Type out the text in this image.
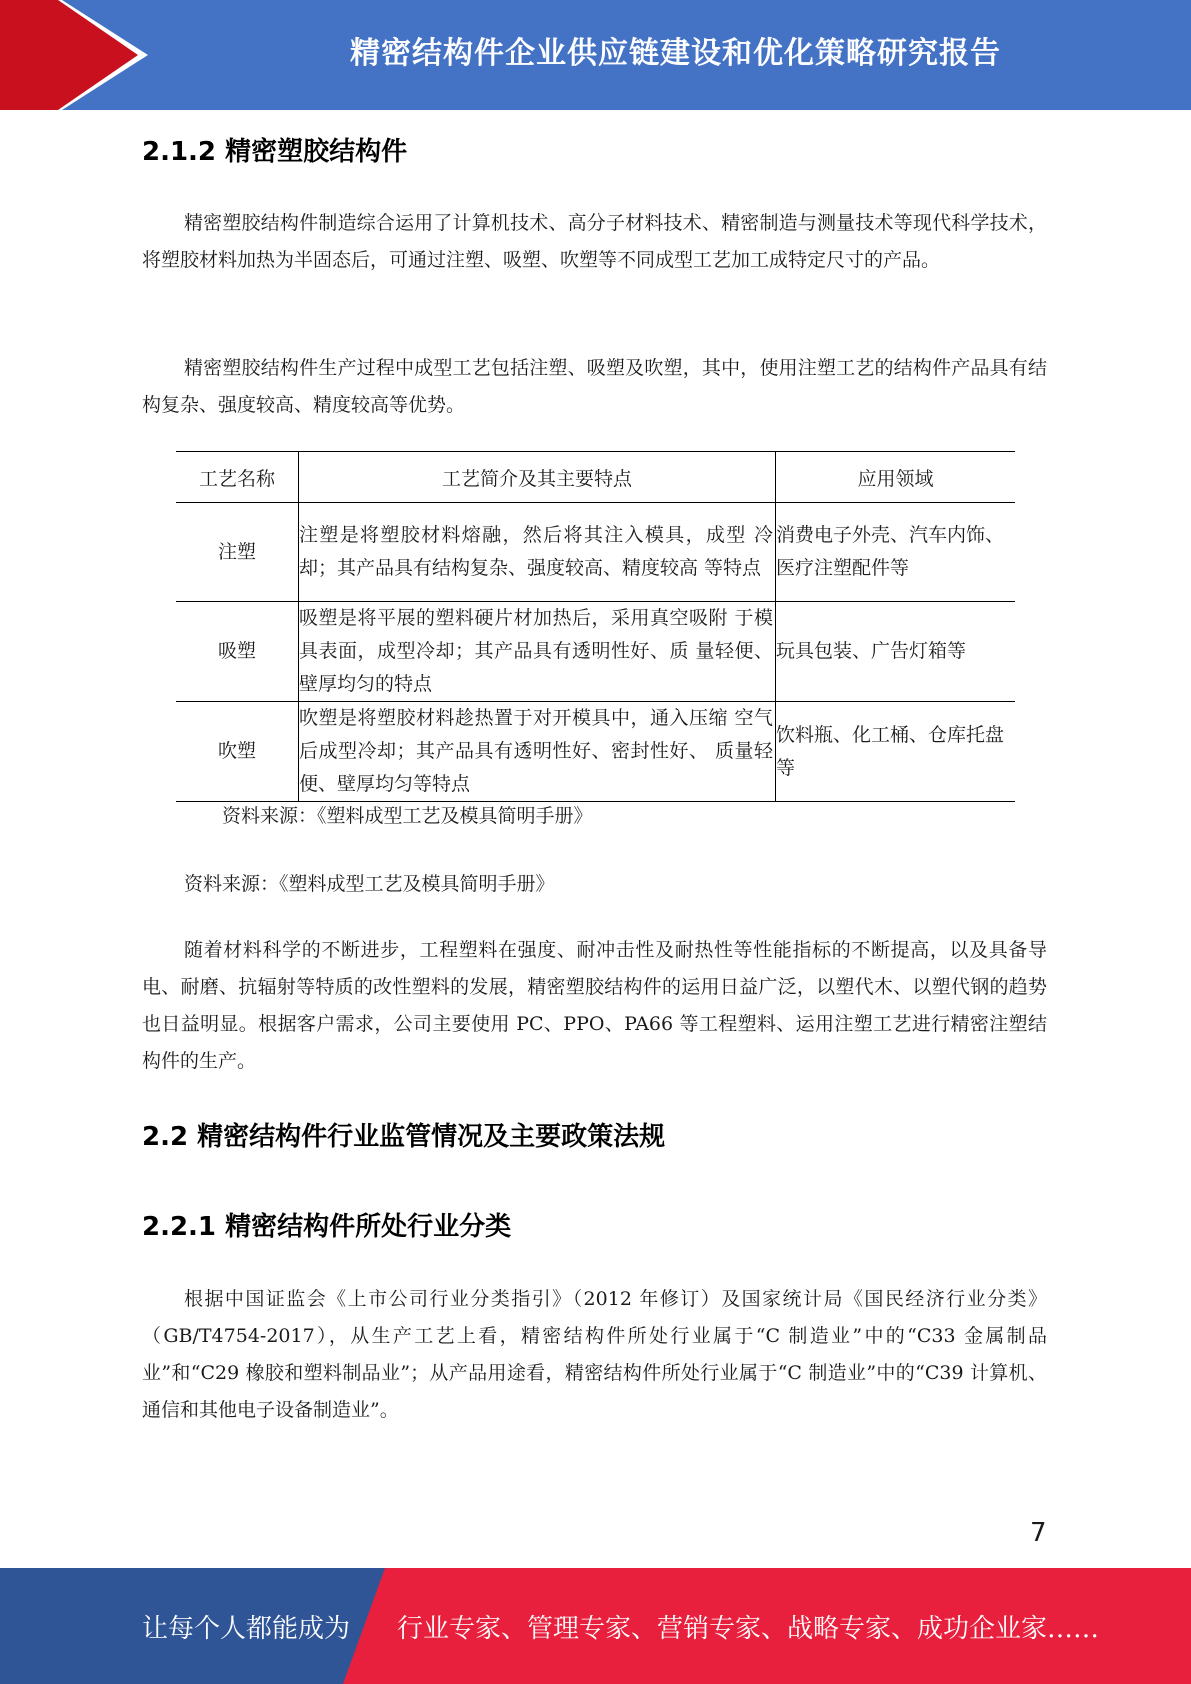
精密结构件企业供应链建设和优化策略研究报告
2.1.2 精密塑胶结构件

精密塑胶结构件制造综合运用了计算机技术、高分子材料技术、精密制造与测量技术等现代科学技术，将塑胶材料加热为半固态后，可通过注塑、吸塑、吹塑等不同成型工艺加工成特定尺寸的产品。

精密塑胶结构件生产过程中成型工艺包括注塑、吸塑及吹塑，其中，使用注塑工艺的结构件产品具有结构复杂、强度较高、精度较高等优势。

工艺名称	工艺简介及其主要特点	应用领域
注塑	注塑是将塑胶材料熔融，然后将其注入模具，成型 冷却；其产品具有结构复杂、强度较高、精度较高 等特点	消费电子外壳、汽车内饰、医疗注塑配件等
吸塑	吸塑是将平展的塑料硬片材加热后，采用真空吸附 于模具表面，成型冷却；其产品具有透明性好、质 量轻便、壁厚均匀的特点	玩具包装、广告灯箱等
吹塑	吹塑是将塑胶材料趁热置于对开模具中，通入压缩 空气后成型冷却；其产品具有透明性好、密封性好、 质量轻便、壁厚均匀等特点	饮料瓶、化工桶、仓库托盘等
资料来源：《塑料成型工艺及模具简明手册》
资料来源：《塑料成型工艺及模具简明手册》

随着材料科学的不断进步，工程塑料在强度、耐冲击性及耐热性等性能指标的不断提高，以及具备导电、耐磨、抗辐射等特质的改性塑料的发展，精密塑胶结构件的运用日益广泛，以塑代木、以塑代钢的趋势也日益明显。根据客户需求，公司主要使用 PC、PPO、PA66 等工程塑料、运用注塑工艺进行精密注塑结构件的生产。

2.2 精密结构件行业监管情况及主要政策法规
2.2.1 精密结构件所处行业分类

根据中国证监会《上市公司行业分类指引》（2012 年修订）及国家统计局《国民经济行业分类》（GB/T4754-2017），从生产工艺上看，精密结构件所处行业属于“C 制造业”中的“C33 金属制品业”和“C29 橡胶和塑料制品业”；从产品用途看，精密结构件所处行业属于“C 制造业”中的“C39 计算机、通信和其他电子设备制造业”。

7
让每个人都能成为 行业专家、管理专家、营销专家、战略专家、成功企业家……
